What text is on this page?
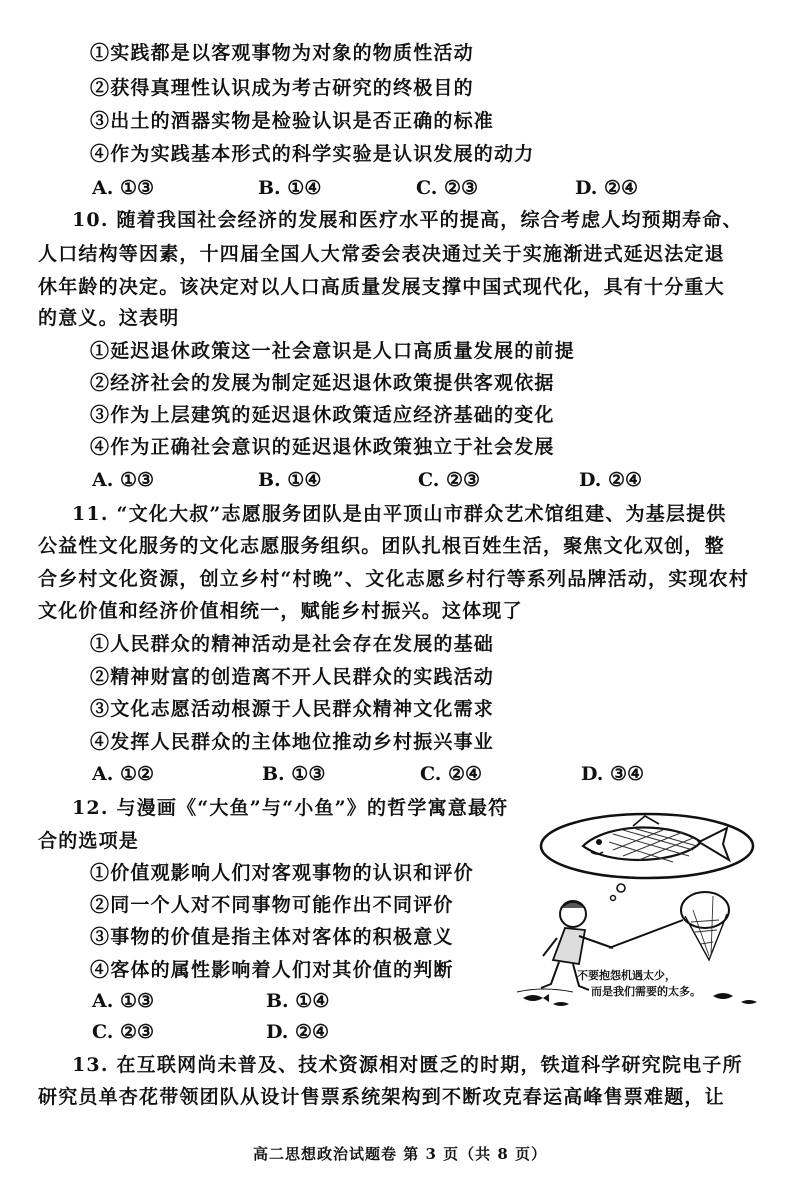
①实践都是以客观事物为对象的物质性活动
②获得真理性认识成为考古研究的终极目的
③出土的酒器实物是检验认识是否正确的标准
④作为实践基本形式的科学实验是认识发展的动力
A. ①③	B. ①④	C. ②③	D. ②④
10. 随着我国社会经济的发展和医疗水平的提高，综合考虑人均预期寿命、
人口结构等因素，十四届全国人大常委会表决通过关于实施渐进式延迟法定退
休年龄的决定。该决定对以人口高质量发展支撑中国式现代化，具有十分重大
的意义。这表明
①延迟退休政策这一社会意识是人口高质量发展的前提
②经济社会的发展为制定延迟退休政策提供客观依据
③作为上层建筑的延迟退休政策适应经济基础的变化
④作为正确社会意识的延迟退休政策独立于社会发展
A. ①③	B. ①④	C. ②③	D. ②④
11. “文化大叔”志愿服务团队是由平顶山市群众艺术馆组建、为基层提供
公益性文化服务的文化志愿服务组织。团队扎根百姓生活，聚焦文化双创，整
合乡村文化资源，创立乡村“村晚”、文化志愿乡村行等系列品牌活动，实现农村
文化价值和经济价值相统一，赋能乡村振兴。这体现了
①人民群众的精神活动是社会存在发展的基础
②精神财富的创造离不开人民群众的实践活动
③文化志愿活动根源于人民群众精神文化需求
④发挥人民群众的主体地位推动乡村振兴事业
A. ①②	B. ①③	C. ②④	D. ③④
12. 与漫画《“大鱼”与“小鱼”》的哲学寓意最符
合的选项是
①价值观影响人们对客观事物的认识和评价
②同一个人对不同事物可能作出不同评价
③事物的价值是指主体对客体的积极意义
④客体的属性影响着人们对其价值的判断
A. ①③	B. ①④
C. ②③	D. ②④
不要抱怨机遇太少，
而是我们需要的太多。
13. 在互联网尚未普及、技术资源相对匮乏的时期，铁道科学研究院电子所
研究员单杏花带领团队从设计售票系统架构到不断攻克春运高峰售票难题，让
高二思想政治试题卷 第 3 页（共 8 页）
